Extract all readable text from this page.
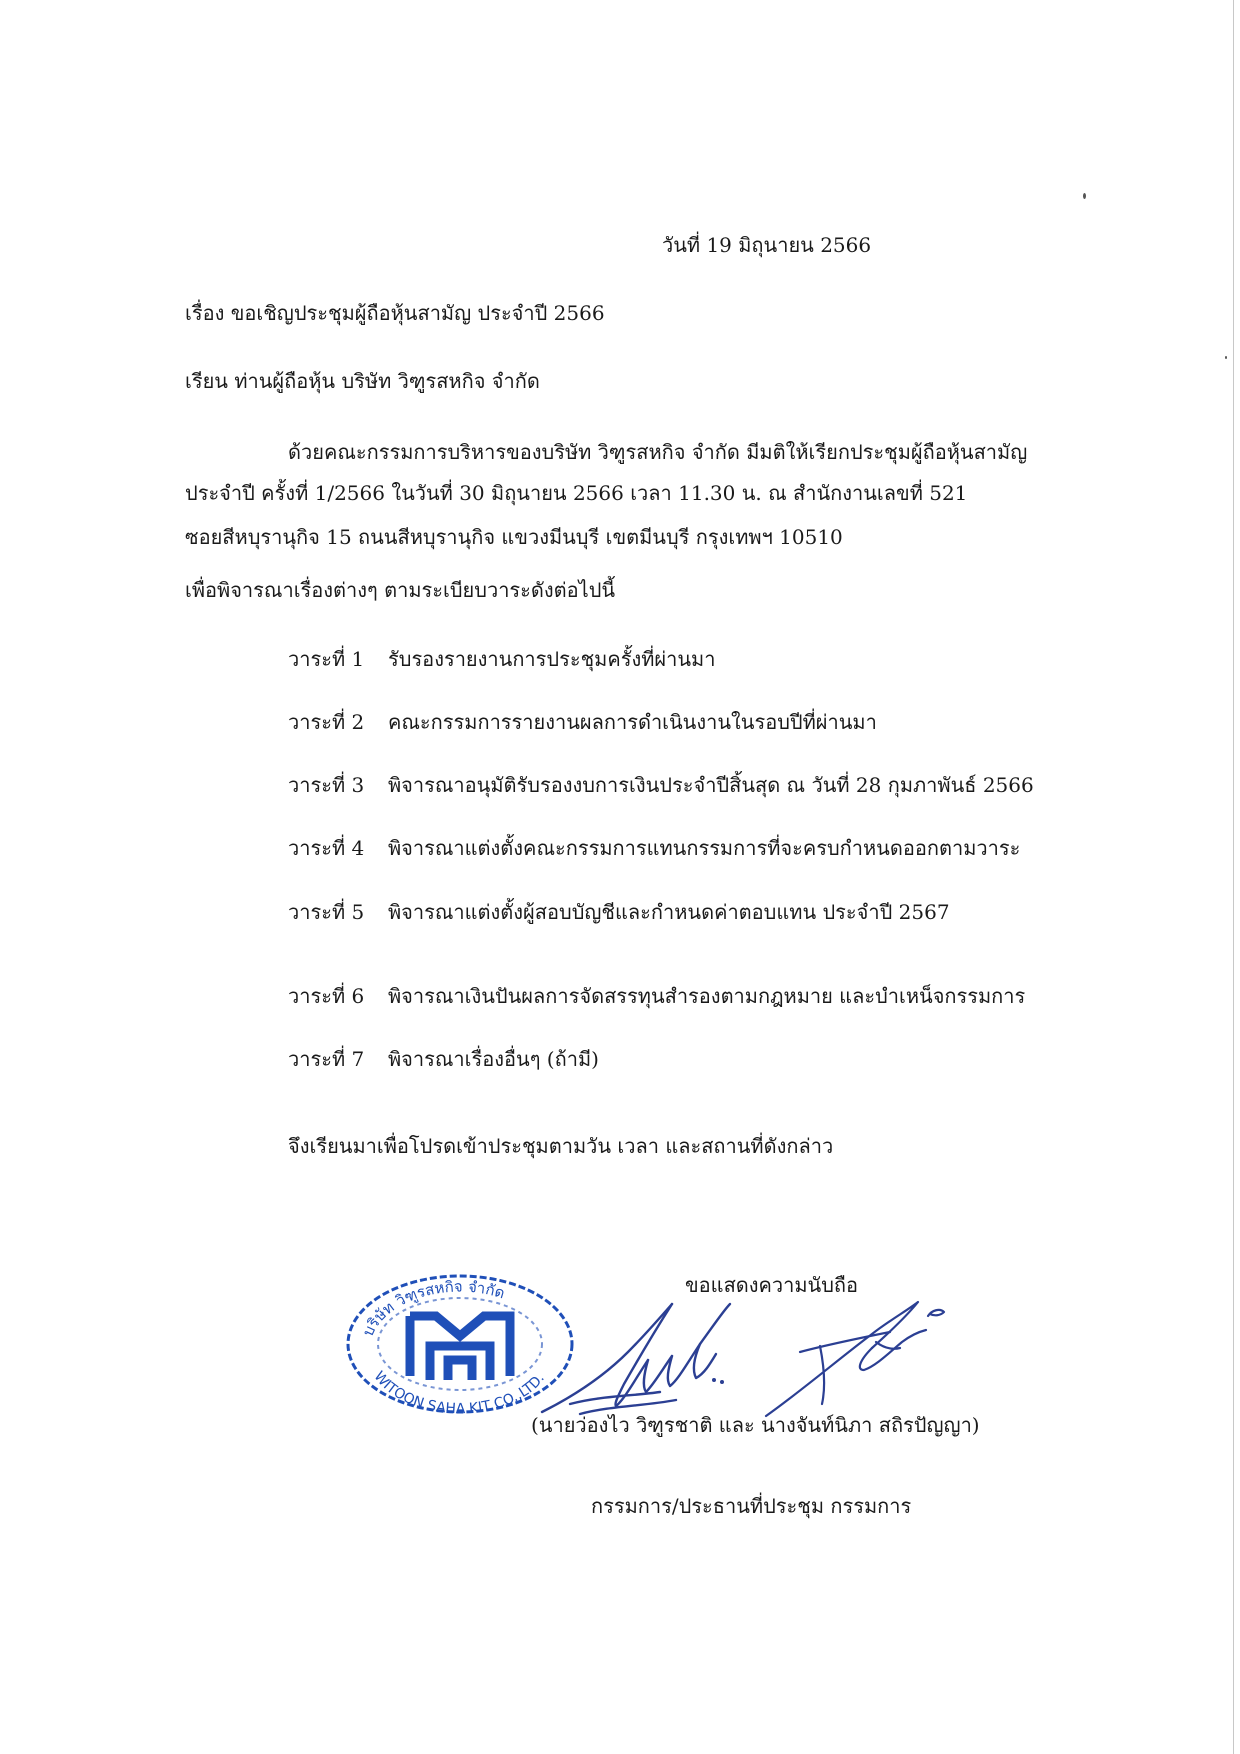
วันที่ 19 มิถุนายน 2566
เรื่อง ขอเชิญประชุมผู้ถือหุ้นสามัญ ประจำปี 2566
เรียน ท่านผู้ถือหุ้น บริษัท วิฑูรสหกิจ จำกัด
ด้วยคณะกรรมการบริหารของบริษัท วิฑูรสหกิจ จำกัด มีมติให้เรียกประชุมผู้ถือหุ้นสามัญ
ประจำปี ครั้งที่ 1/2566 ในวันที่ 30 มิถุนายน 2566 เวลา 11.30 น. ณ สำนักงานเลขที่ 521
ซอยสีหบุรานุกิจ 15 ถนนสีหบุรานุกิจ แขวงมีนบุรี เขตมีนบุรี กรุงเทพฯ 10510
เพื่อพิจารณาเรื่องต่างๆ ตามระเบียบวาระดังต่อไปนี้
วาระที่ 1 รับรองรายงานการประชุมครั้งที่ผ่านมา
วาระที่ 2 คณะกรรมการรายงานผลการดำเนินงานในรอบปีที่ผ่านมา
วาระที่ 3 พิจารณาอนุมัติรับรองงบการเงินประจำปีสิ้นสุด ณ วันที่ 28 กุมภาพันธ์ 2566
วาระที่ 4 พิจารณาแต่งตั้งคณะกรรมการแทนกรรมการที่จะครบกำหนดออกตามวาระ
วาระที่ 5 พิจารณาแต่งตั้งผู้สอบบัญชีและกำหนดค่าตอบแทน ประจำปี 2567
วาระที่ 6 พิจารณาเงินปันผลการจัดสรรทุนสำรองตามกฎหมาย และบำเหน็จกรรมการ
วาระที่ 7 พิจารณาเรื่องอื่นๆ (ถ้ามี)
จึงเรียนมาเพื่อโปรดเข้าประชุมตามวัน เวลา และสถานที่ดังกล่าว
ขอแสดงความนับถือ
บริษัท วิฑูรสหกิจ จำกัด
WITOON SAHA KIT CO.,LTD.
(นายว่องไว วิฑูรชาติ และ นางจันท์นิภา สถิรปัญญา)
กรรมการ/ประธานที่ประชุม กรรมการ
